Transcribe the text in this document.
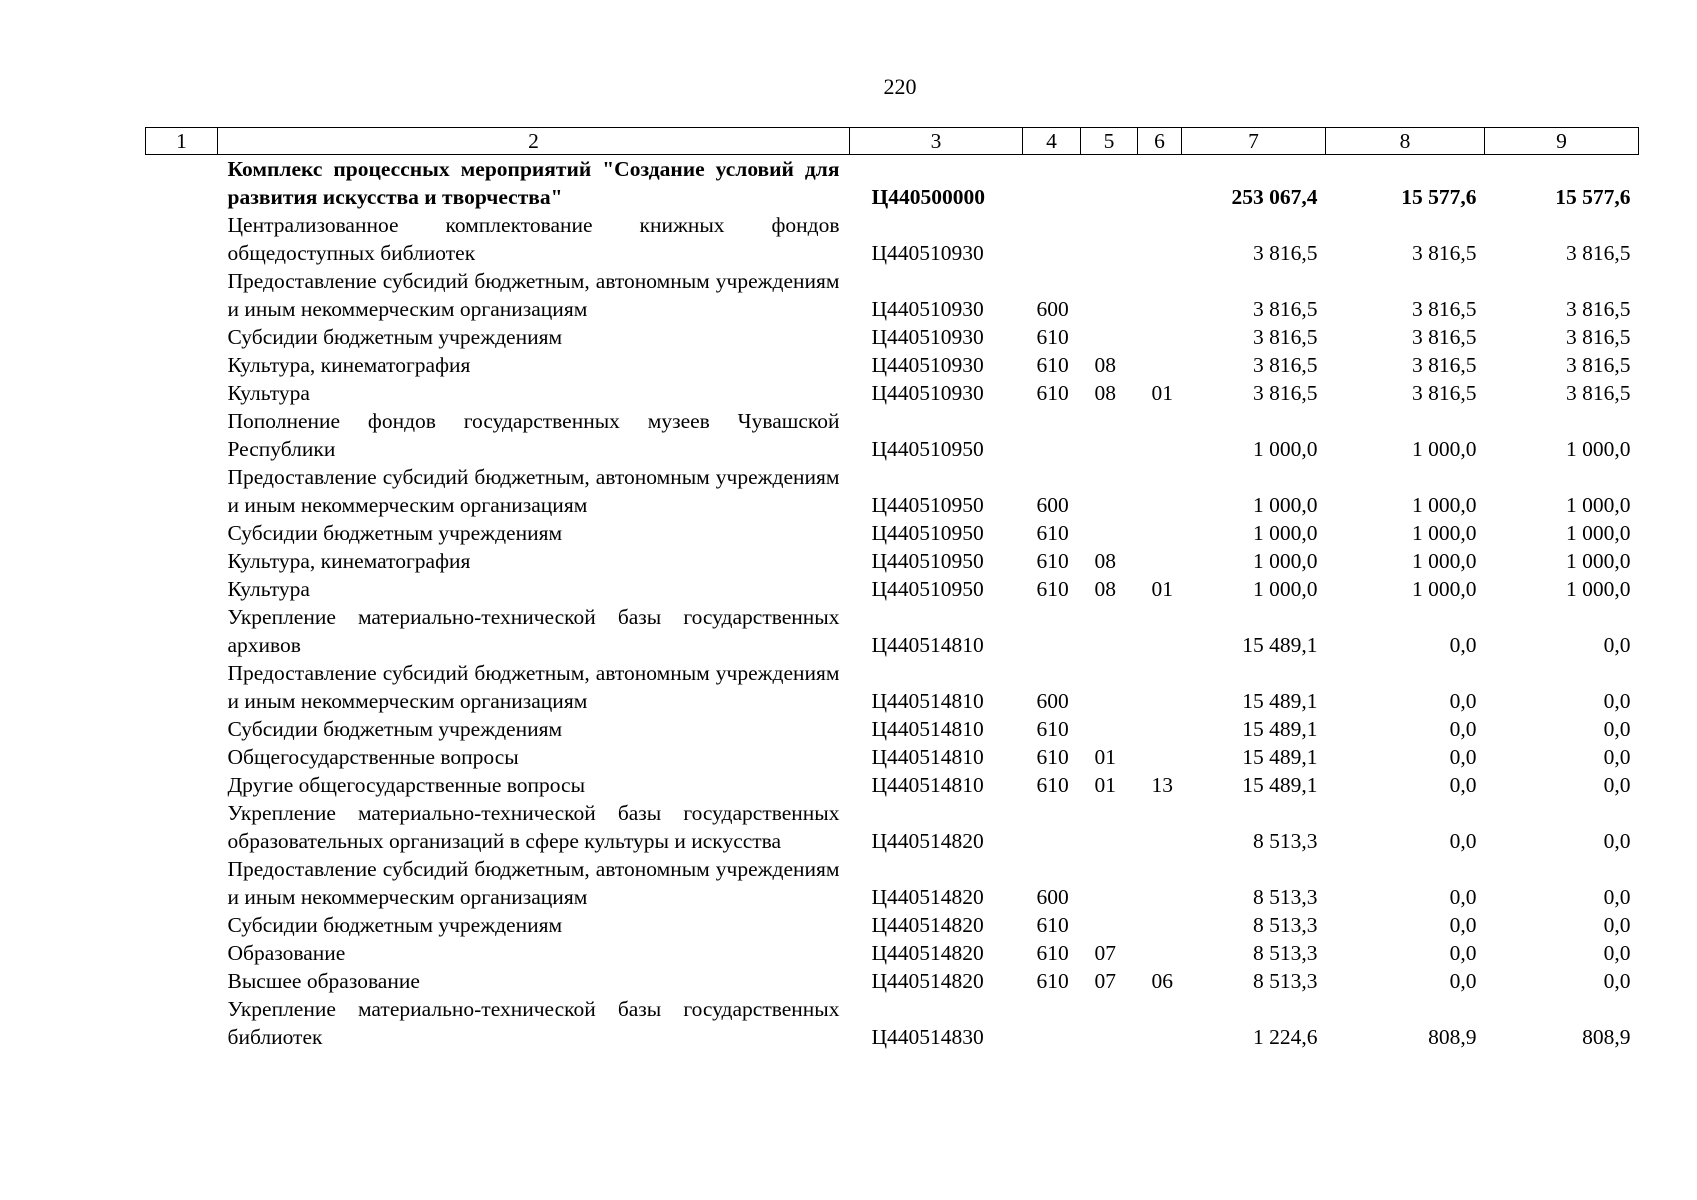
220
1	2	3	4	5	6	7	8	9
	Комплекс процессных мероприятий "Создание условий для развития искусства и творчества"	Ц440500000				253 067,4	15 577,6	15 577,6
	Централизованное комплектование книжных фондов общедоступных библиотек	Ц440510930				3 816,5	3 816,5	3 816,5
	Предоставление субсидий бюджетным, автономным учреждениям и иным некоммерческим организациям	Ц440510930	600			3 816,5	3 816,5	3 816,5
	Субсидии бюджетным учреждениям	Ц440510930	610			3 816,5	3 816,5	3 816,5
	Культура, кинематография	Ц440510930	610	08		3 816,5	3 816,5	3 816,5
	Культура	Ц440510930	610	08	01	3 816,5	3 816,5	3 816,5
	Пополнение фондов государственных музеев Чувашской Республики	Ц440510950				1 000,0	1 000,0	1 000,0
	Предоставление субсидий бюджетным, автономным учреждениям и иным некоммерческим организациям	Ц440510950	600			1 000,0	1 000,0	1 000,0
	Субсидии бюджетным учреждениям	Ц440510950	610			1 000,0	1 000,0	1 000,0
	Культура, кинематография	Ц440510950	610	08		1 000,0	1 000,0	1 000,0
	Культура	Ц440510950	610	08	01	1 000,0	1 000,0	1 000,0
	Укрепление материально-технической базы государственных архивов	Ц440514810				15 489,1	0,0	0,0
	Предоставление субсидий бюджетным, автономным учреждениям и иным некоммерческим организациям	Ц440514810	600			15 489,1	0,0	0,0
	Субсидии бюджетным учреждениям	Ц440514810	610			15 489,1	0,0	0,0
	Общегосударственные вопросы	Ц440514810	610	01		15 489,1	0,0	0,0
	Другие общегосударственные вопросы	Ц440514810	610	01	13	15 489,1	0,0	0,0
	Укрепление материально-технической базы государственных образовательных организаций в сфере культуры и искусства	Ц440514820				8 513,3	0,0	0,0
	Предоставление субсидий бюджетным, автономным учреждениям и иным некоммерческим организациям	Ц440514820	600			8 513,3	0,0	0,0
	Субсидии бюджетным учреждениям	Ц440514820	610			8 513,3	0,0	0,0
	Образование	Ц440514820	610	07		8 513,3	0,0	0,0
	Высшее образование	Ц440514820	610	07	06	8 513,3	0,0	0,0
	Укрепление материально-технической базы государственных библиотек	Ц440514830				1 224,6	808,9	808,9
